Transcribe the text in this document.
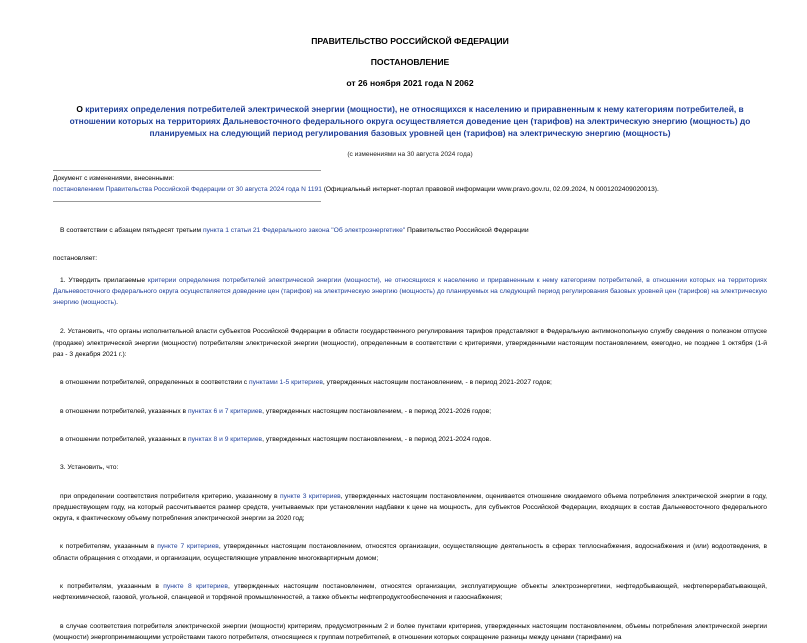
ПРАВИТЕЛЬСТВО РОССИЙСКОЙ ФЕДЕРАЦИИ
ПОСТАНОВЛЕНИЕ
от 26 ноября 2021 года N 2062
О критериях определения потребителей электрической энергии (мощности), не относящихся к населению и приравненным к нему категориям потребителей, в отношении которых на территориях Дальневосточного федерального округа осуществляется доведение цен (тарифов) на электрическую энергию (мощность) до планируемых на следующий период регулирования базовых уровней цен (тарифов) на электрическую энергию (мощность)
(с изменениями на 30 августа 2024 года)
Документ с изменениями, внесенными:
постановлением Правительства Российской Федерации от 30 августа 2024 года N 1191 (Официальный интернет-портал правовой информации www.pravo.gov.ru, 02.09.2024, N 0001202409020013).

В соответствии с абзацем пятьдесят третьим пункта 1 статьи 21 Федерального закона "Об электроэнергетике" Правительство Российской Федерации

постановляет:

1. Утвердить прилагаемые критерии определения потребителей электрической энергии (мощности), не относящихся к населению и приравненным к нему категориям потребителей, в отношении которых на территориях Дальневосточного федерального округа осуществляется доведение цен (тарифов) на электрическую энергию (мощность) до планируемых на следующий период регулирования базовых уровней цен (тарифов) на электрическую энергию (мощность).

2. Установить, что органы исполнительной власти субъектов Российской Федерации в области государственного регулирования тарифов представляют в Федеральную антимонопольную службу сведения о полезном отпуске (продаже) электрической энергии (мощности) потребителям электрической энергии (мощности), определенным в соответствии с критериями, утвержденными настоящим постановлением, ежегодно, не позднее 1 октября (1-й раз - 3 декабря 2021 г.):

в отношении потребителей, определенных в соответствии с пунктами 1-5 критериев, утвержденных настоящим постановлением, - в период 2021-2027 годов;

в отношении потребителей, указанных в пунктах 6 и 7 критериев, утвержденных настоящим постановлением, - в период 2021-2026 годов;

в отношении потребителей, указанных в пунктах 8 и 9 критериев, утвержденных настоящим постановлением, - в период 2021-2024 годов.

3. Установить, что:

при определении соответствия потребителя критерию, указанному в пункте 3 критериев, утвержденных настоящим постановлением, оценивается отношение ожидаемого объема потребления электрической энергии в году, предшествующем году, на который рассчитывается размер средств, учитываемых при установлении надбавки к цене на мощность, для субъектов Российской Федерации, входящих в состав Дальневосточного федерального округа, к фактическому объему потребления электрической энергии за 2020 год;

к потребителям, указанным в пункте 7 критериев, утвержденных настоящим постановлением, относятся организации, осуществляющие деятельность в сферах теплоснабжения, водоснабжения и (или) водоотведения, в области обращения с отходами, и организации, осуществляющие управление многоквартирным домом;

к потребителям, указанным в пункте 8 критериев, утвержденных настоящим постановлением, относятся организации, эксплуатирующие объекты электроэнергетики, нефтедобывающей, нефтеперерабатывающей, нефтехимической, газовой, угольной, сланцевой и торфяной промышленностей, а также объекты нефтепродуктообеспечения и газоснабжения;

в случае соответствия потребителя электрической энергии (мощности) критериям, предусмотренным 2 и более пунктами критериев, утвержденных настоящим постановлением, объемы потребления электрической энергии (мощности) энергопринимающими устройствами такого потребителя, относящиеся к группам потребителей, в отношении которых сокращение разницы между ценами (тарифами) на
